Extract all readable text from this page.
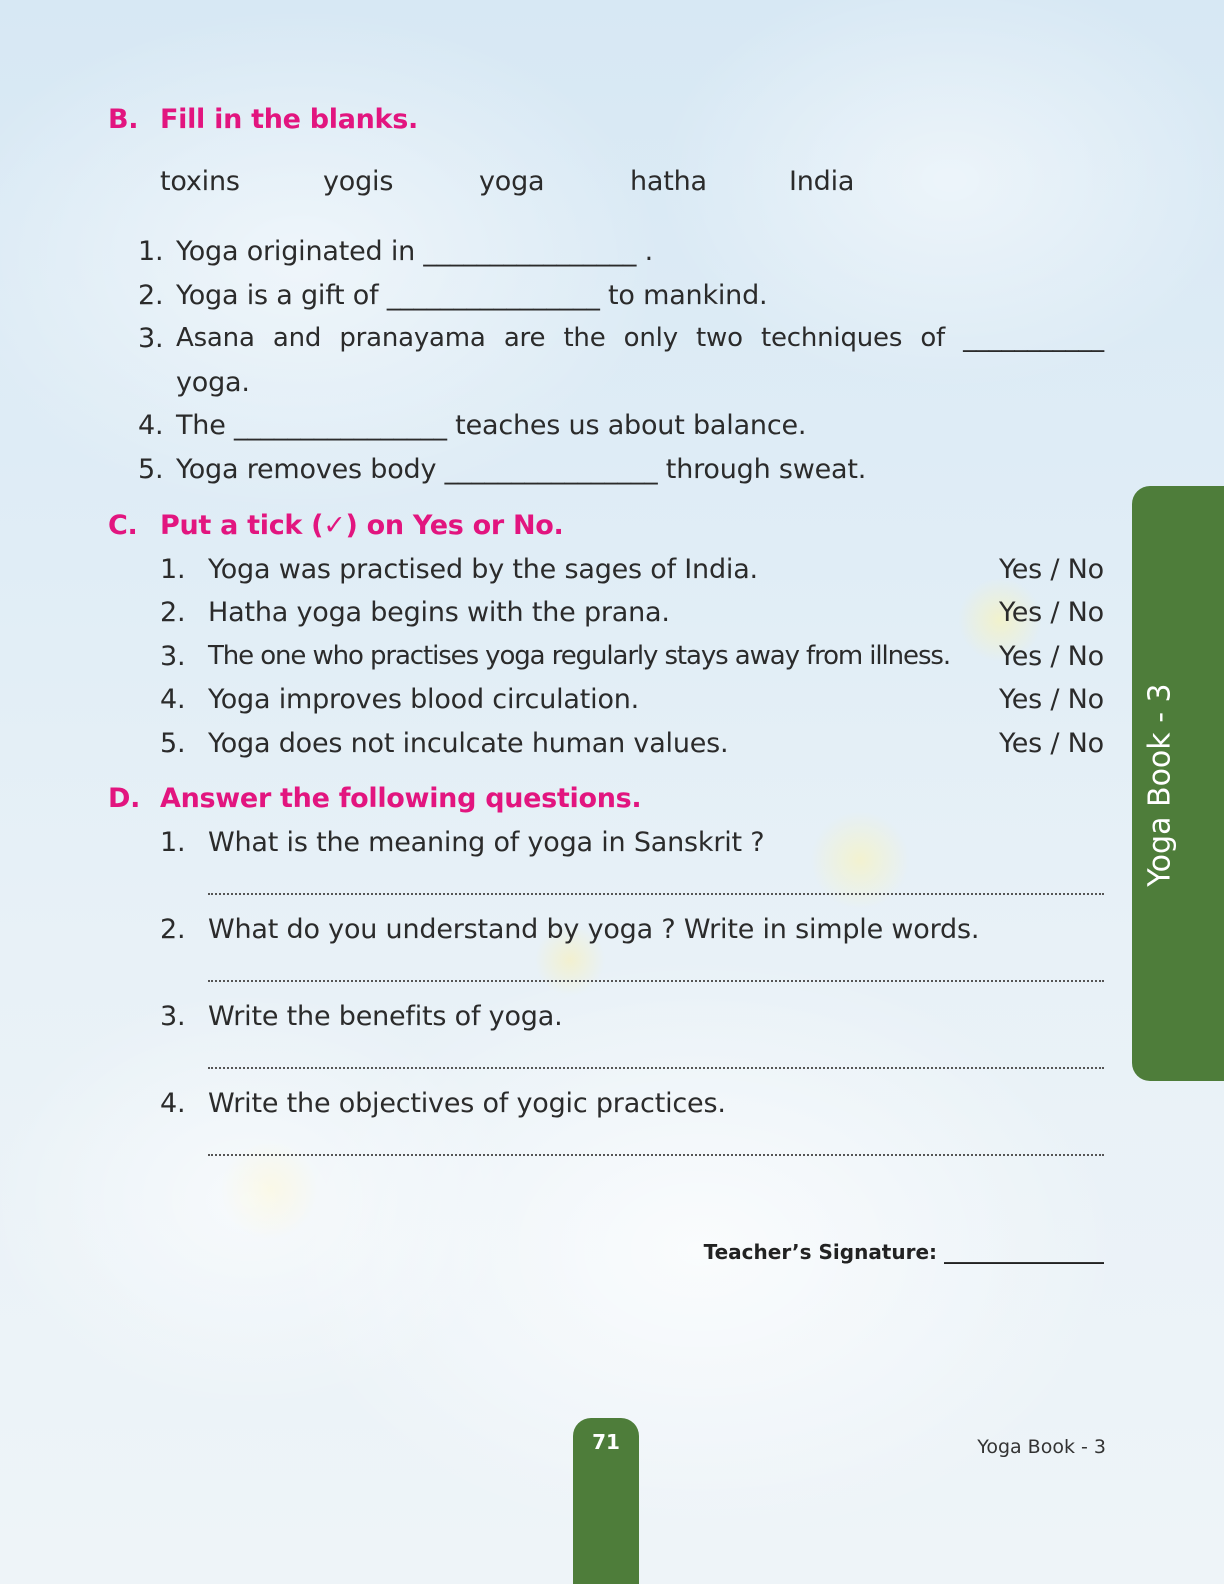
B. Fill in the blanks.
toxins	yogis	yoga	hatha	India
1. Yoga originated in ________________ .
2. Yoga is a gift of ________________ to mankind.
3. Asana and pranayama are the only two techniques of ___________
yoga.
4. The ________________ teaches us about balance.
5. Yoga removes body ________________ through sweat.
C. Put a tick (✓) on Yes or No.
1. Yoga was practised by the sages of India.	Yes / No
2. Hatha yoga begins with the prana.	Yes / No
3. The one who practises yoga regularly stays away from illness. Yes / No
4. Yoga improves blood circulation.	Yes / No
5. Yoga does not inculcate human values.	Yes / No
D. Answer the following questions.
1. What is the meaning of yoga in Sanskrit ?
2. What do you understand by yoga ? Write in simple words.
3. Write the benefits of yoga.
4. Write the objectives of yogic practices.
Teacher’s Signature: ________________
Yoga Book - 3
71	Yoga Book - 3
